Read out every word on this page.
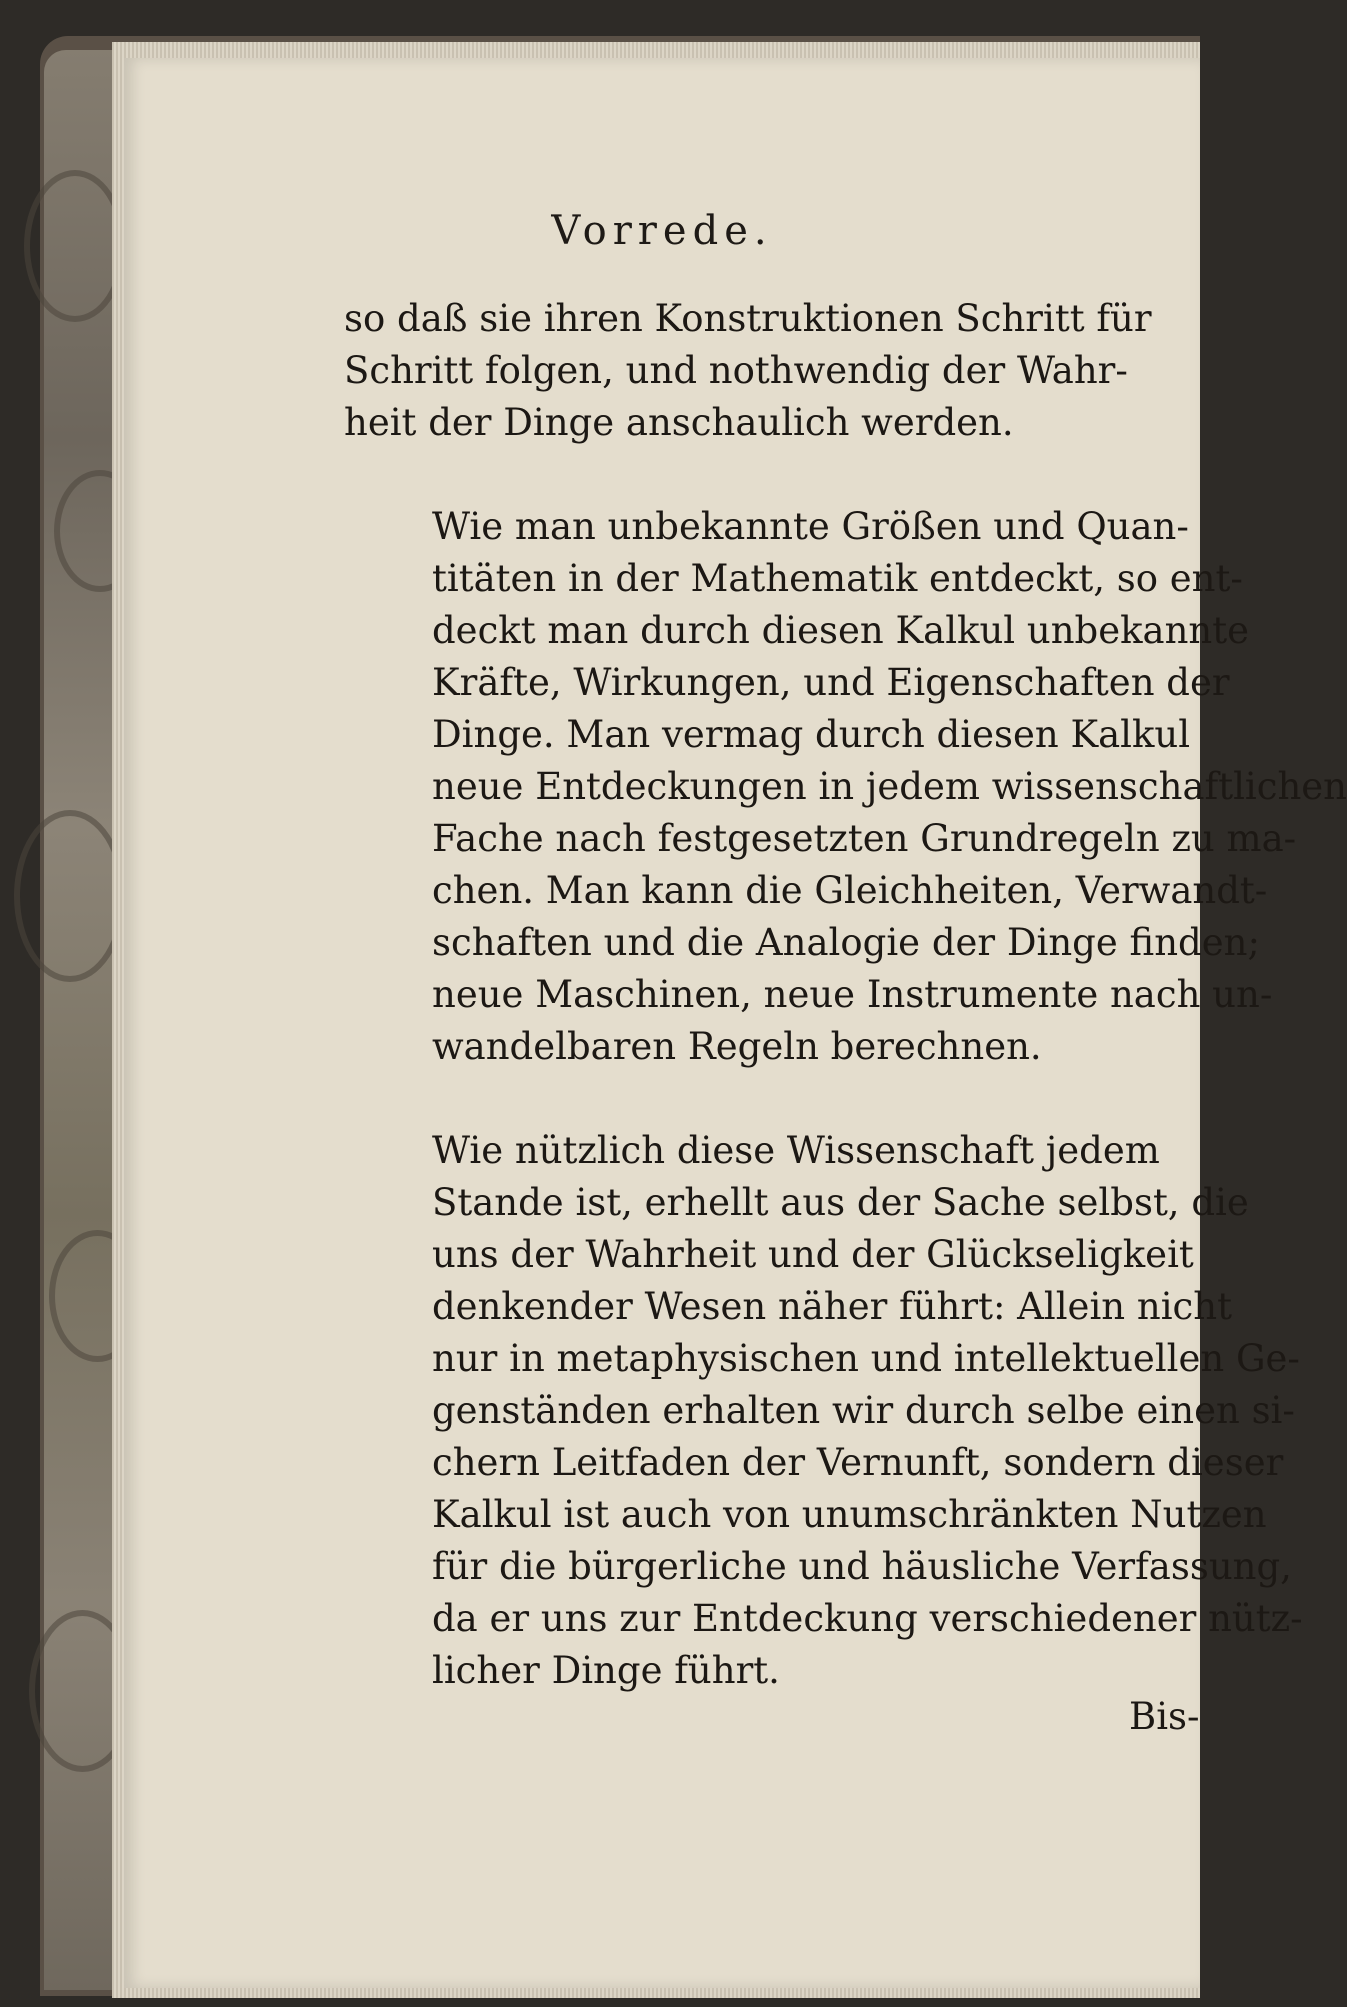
Vorrede.

so daß sie ihren Konstruktionen Schritt für
Schritt folgen, und nothwendig der Wahr-
heit der Dinge anschaulich werden.

Wie man unbekannte Größen und Quan-
titäten in der Mathematik entdeckt, so ent-
deckt man durch diesen Kalkul unbekannte
Kräfte, Wirkungen, und Eigenschaften der
Dinge. Man vermag durch diesen Kalkul
neue Entdeckungen in jedem wissenschaftlichen
Fache nach festgesetzten Grundregeln zu ma-
chen. Man kann die Gleichheiten, Verwandt-
schaften und die Analogie der Dinge finden;
neue Maschinen, neue Instrumente nach un-
wandelbaren Regeln berechnen.

Wie nützlich diese Wissenschaft jedem
Stande ist, erhellt aus der Sache selbst, die
uns der Wahrheit und der Glückseligkeit
denkender Wesen näher führt: Allein nicht
nur in metaphysischen und intellektuellen Ge-
genständen erhalten wir durch selbe einen si-
chern Leitfaden der Vernunft, sondern dieser
Kalkul ist auch von unumschränkten Nutzen
für die bürgerliche und häusliche Verfassung,
da er uns zur Entdeckung verschiedener nütz-
licher Dinge führt.

Bis-
